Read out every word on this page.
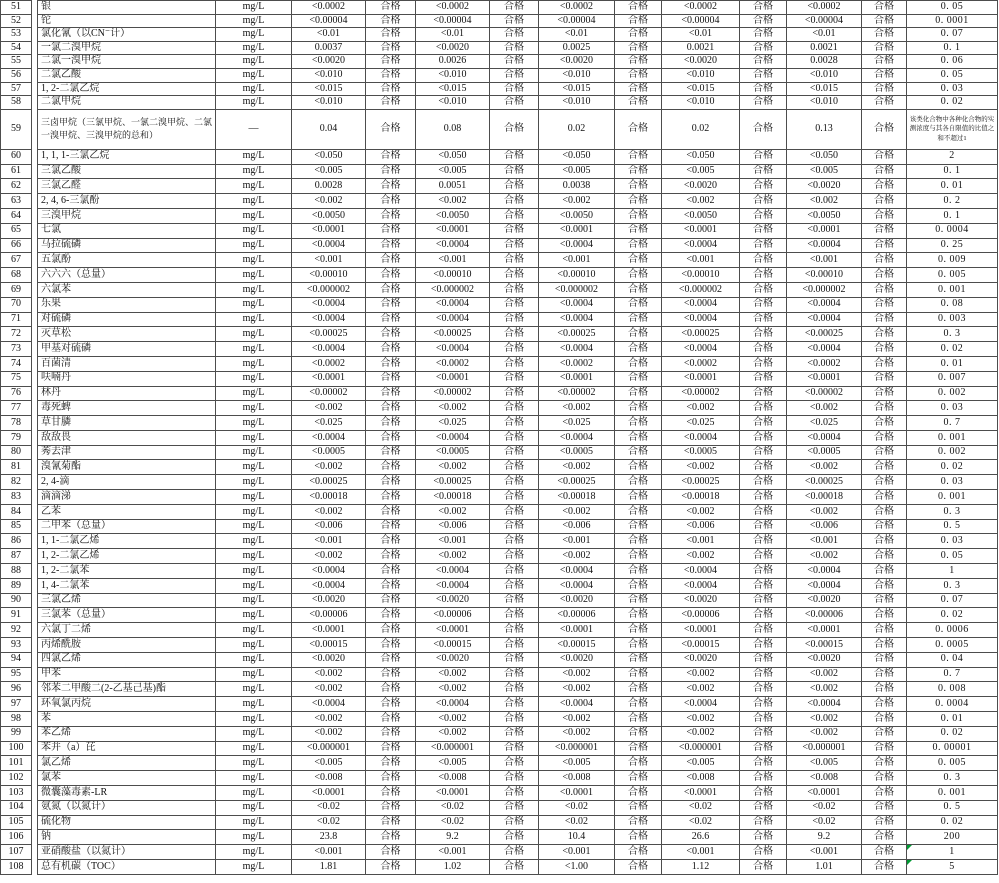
51		银	mg/L	<0.0002	合格	<0.0002	合格	<0.0002	合格	<0.0002	合格	<0.0002	合格	0. 05
52		铊	mg/L	<0.00004	合格	<0.00004	合格	<0.00004	合格	<0.00004	合格	<0.00004	合格	0. 0001
53		氯化氰（以CN⁻计）	mg/L	<0.01	合格	<0.01	合格	<0.01	合格	<0.01	合格	<0.01	合格	0. 07
54		一氯二溴甲烷	mg/L	0.0037	合格	<0.0020	合格	0.0025	合格	0.0021	合格	0.0021	合格	0. 1
55		二氯一溴甲烷	mg/L	<0.0020	合格	0.0026	合格	<0.0020	合格	<0.0020	合格	0.0028	合格	0. 06
56		二氯乙酸	mg/L	<0.010	合格	<0.010	合格	<0.010	合格	<0.010	合格	<0.010	合格	0. 05
57		1, 2-二氯乙烷	mg/L	<0.015	合格	<0.015	合格	<0.015	合格	<0.015	合格	<0.015	合格	0. 03
58		二氯甲烷	mg/L	<0.010	合格	<0.010	合格	<0.010	合格	<0.010	合格	<0.010	合格	0. 02
59		三卤甲烷（三氯甲烷、一氯二溴甲烷、二氯一溴甲烷、三溴甲烷的总和）	—	0.04	合格	0.08	合格	0.02	合格	0.02	合格	0.13	合格	该类化合物中各种化合物的实测浓度与其各自限值的比值之和不超过1
60		1, 1, 1-三氯乙烷	mg/L	<0.050	合格	<0.050	合格	<0.050	合格	<0.050	合格	<0.050	合格	2
61		三氯乙酸	mg/L	<0.005	合格	<0.005	合格	<0.005	合格	<0.005	合格	<0.005	合格	0. 1
62		三氯乙醛	mg/L	0.0028	合格	0.0051	合格	0.0038	合格	<0.0020	合格	<0.0020	合格	0. 01
63		2, 4, 6-三氯酚	mg/L	<0.002	合格	<0.002	合格	<0.002	合格	<0.002	合格	<0.002	合格	0. 2
64		三溴甲烷	mg/L	<0.0050	合格	<0.0050	合格	<0.0050	合格	<0.0050	合格	<0.0050	合格	0. 1
65		七氯	mg/L	<0.0001	合格	<0.0001	合格	<0.0001	合格	<0.0001	合格	<0.0001	合格	0. 0004
66		马拉硫磷	mg/L	<0.0004	合格	<0.0004	合格	<0.0004	合格	<0.0004	合格	<0.0004	合格	0. 25
67		五氯酚	mg/L	<0.001	合格	<0.001	合格	<0.001	合格	<0.001	合格	<0.001	合格	0. 009
68		六六六（总量）	mg/L	<0.00010	合格	<0.00010	合格	<0.00010	合格	<0.00010	合格	<0.00010	合格	0. 005
69		六氯苯	mg/L	<0.000002	合格	<0.000002	合格	<0.000002	合格	<0.000002	合格	<0.000002	合格	0. 001
70		乐果	mg/L	<0.0004	合格	<0.0004	合格	<0.0004	合格	<0.0004	合格	<0.0004	合格	0. 08
71		对硫磷	mg/L	<0.0004	合格	<0.0004	合格	<0.0004	合格	<0.0004	合格	<0.0004	合格	0. 003
72		灭草松	mg/L	<0.00025	合格	<0.00025	合格	<0.00025	合格	<0.00025	合格	<0.00025	合格	0. 3
73		甲基对硫磷	mg/L	<0.0004	合格	<0.0004	合格	<0.0004	合格	<0.0004	合格	<0.0004	合格	0. 02
74		百菌清	mg/L	<0.0002	合格	<0.0002	合格	<0.0002	合格	<0.0002	合格	<0.0002	合格	0. 01
75		呋喃丹	mg/L	<0.0001	合格	<0.0001	合格	<0.0001	合格	<0.0001	合格	<0.0001	合格	0. 007
76		林丹	mg/L	<0.00002	合格	<0.00002	合格	<0.00002	合格	<0.00002	合格	<0.00002	合格	0. 002
77		毒死蜱	mg/L	<0.002	合格	<0.002	合格	<0.002	合格	<0.002	合格	<0.002	合格	0. 03
78		草甘膦	mg/L	<0.025	合格	<0.025	合格	<0.025	合格	<0.025	合格	<0.025	合格	0. 7
79		敌敌畏	mg/L	<0.0004	合格	<0.0004	合格	<0.0004	合格	<0.0004	合格	<0.0004	合格	0. 001
80		莠去津	mg/L	<0.0005	合格	<0.0005	合格	<0.0005	合格	<0.0005	合格	<0.0005	合格	0. 002
81		溴氰菊酯	mg/L	<0.002	合格	<0.002	合格	<0.002	合格	<0.002	合格	<0.002	合格	0. 02
82		2, 4-滴	mg/L	<0.00025	合格	<0.00025	合格	<0.00025	合格	<0.00025	合格	<0.00025	合格	0. 03
83		滴滴涕	mg/L	<0.00018	合格	<0.00018	合格	<0.00018	合格	<0.00018	合格	<0.00018	合格	0. 001
84		乙苯	mg/L	<0.002	合格	<0.002	合格	<0.002	合格	<0.002	合格	<0.002	合格	0. 3
85		二甲苯（总量）	mg/L	<0.006	合格	<0.006	合格	<0.006	合格	<0.006	合格	<0.006	合格	0. 5
86		1, 1-二氯乙烯	mg/L	<0.001	合格	<0.001	合格	<0.001	合格	<0.001	合格	<0.001	合格	0. 03
87		1, 2-二氯乙烯	mg/L	<0.002	合格	<0.002	合格	<0.002	合格	<0.002	合格	<0.002	合格	0. 05
88		1, 2-二氯苯	mg/L	<0.0004	合格	<0.0004	合格	<0.0004	合格	<0.0004	合格	<0.0004	合格	1
89		1, 4-二氯苯	mg/L	<0.0004	合格	<0.0004	合格	<0.0004	合格	<0.0004	合格	<0.0004	合格	0. 3
90		三氯乙烯	mg/L	<0.0020	合格	<0.0020	合格	<0.0020	合格	<0.0020	合格	<0.0020	合格	0. 07
91		三氯苯（总量）	mg/L	<0.00006	合格	<0.00006	合格	<0.00006	合格	<0.00006	合格	<0.00006	合格	0. 02
92		六氯丁二烯	mg/L	<0.0001	合格	<0.0001	合格	<0.0001	合格	<0.0001	合格	<0.0001	合格	0. 0006
93		丙烯酰胺	mg/L	<0.00015	合格	<0.00015	合格	<0.00015	合格	<0.00015	合格	<0.00015	合格	0. 0005
94		四氯乙烯	mg/L	<0.0020	合格	<0.0020	合格	<0.0020	合格	<0.0020	合格	<0.0020	合格	0. 04
95		甲苯	mg/L	<0.002	合格	<0.002	合格	<0.002	合格	<0.002	合格	<0.002	合格	0. 7
96		邻苯二甲酸二(2-乙基己基)酯	mg/L	<0.002	合格	<0.002	合格	<0.002	合格	<0.002	合格	<0.002	合格	0. 008
97		环氧氯丙烷	mg/L	<0.0004	合格	<0.0004	合格	<0.0004	合格	<0.0004	合格	<0.0004	合格	0. 0004
98		苯	mg/L	<0.002	合格	<0.002	合格	<0.002	合格	<0.002	合格	<0.002	合格	0. 01
99		苯乙烯	mg/L	<0.002	合格	<0.002	合格	<0.002	合格	<0.002	合格	<0.002	合格	0. 02
100		苯并（a）芘	mg/L	<0.000001	合格	<0.000001	合格	<0.000001	合格	<0.000001	合格	<0.000001	合格	0. 00001
101		氯乙烯	mg/L	<0.005	合格	<0.005	合格	<0.005	合格	<0.005	合格	<0.005	合格	0. 005
102		氯苯	mg/L	<0.008	合格	<0.008	合格	<0.008	合格	<0.008	合格	<0.008	合格	0. 3
103		微囊藻毒素-LR	mg/L	<0.0001	合格	<0.0001	合格	<0.0001	合格	<0.0001	合格	<0.0001	合格	0. 001
104		氨氮（以氮计）	mg/L	<0.02	合格	<0.02	合格	<0.02	合格	<0.02	合格	<0.02	合格	0. 5
105		硫化物	mg/L	<0.02	合格	<0.02	合格	<0.02	合格	<0.02	合格	<0.02	合格	0. 02
106		钠	mg/L	23.8	合格	9.2	合格	10.4	合格	26.6	合格	9.2	合格	200
107		亚硝酸盐（以氮计）	mg/L	<0.001	合格	<0.001	合格	<0.001	合格	<0.001	合格	<0.001	合格	1

108		总有机碳（TOC）	mg/L	1.81	合格	1.02	合格	<1.00	合格	1.12	合格	1.01	合格	5
